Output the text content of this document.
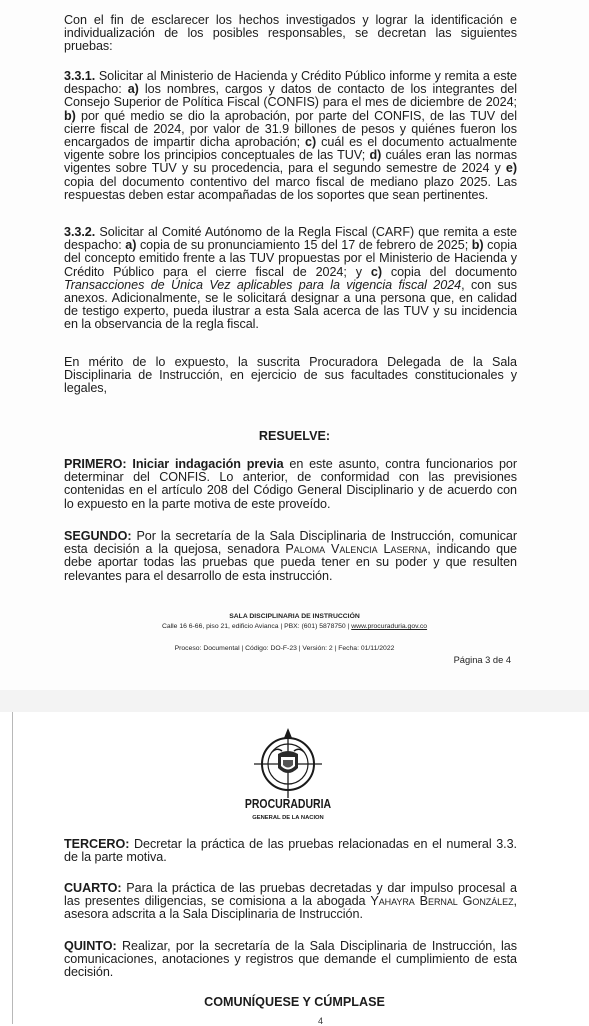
Con el fin de esclarecer los hechos investigados y lograr la identificación e individualización de los posibles responsables, se decretan las siguientes pruebas:

3.3.1. Solicitar al Ministerio de Hacienda y Crédito Público informe y remita a este despacho: a) los nombres, cargos y datos de contacto de los integrantes del Consejo Superior de Política Fiscal (CONFIS) para el mes de diciembre de 2024; b) por qué medio se dio la aprobación, por parte del CONFIS, de las TUV del cierre fiscal de 2024, por valor de 31.9 billones de pesos y quiénes fueron los encargados de impartir dicha aprobación; c) cuál es el documento actualmente vigente sobre los principios conceptuales de las TUV; d) cuáles eran las normas vigentes sobre TUV y su procedencia, para el segundo semestre de 2024 y e) copia del documento contentivo del marco fiscal de mediano plazo 2025. Las respuestas deben estar acompañadas de los soportes que sean pertinentes.

3.3.2. Solicitar al Comité Autónomo de la Regla Fiscal (CARF) que remita a este despacho: a) copia de su pronunciamiento 15 del 17 de febrero de 2025; b) copia del concepto emitido frente a las TUV propuestas por el Ministerio de Hacienda y Crédito Público para el cierre fiscal de 2024; y c) copia del documento Transacciones de Única Vez aplicables para la vigencia fiscal 2024, con sus anexos. Adicionalmente, se le solicitará designar a una persona que, en calidad de testigo experto, pueda ilustrar a esta Sala acerca de las TUV y su incidencia en la observancia de la regla fiscal.

En mérito de lo expuesto, la suscrita Procuradora Delegada de la Sala Disciplinaria de Instrucción, en ejercicio de sus facultades constitucionales y legales,

RESUELVE:

PRIMERO: Iniciar indagación previa en este asunto, contra funcionarios por determinar del CONFIS. Lo anterior, de conformidad con las previsiones contenidas en el artículo 208 del Código General Disciplinario y de acuerdo con lo expuesto en la parte motiva de este proveído.

SEGUNDO: Por la secretaría de la Sala Disciplinaria de Instrucción, comunicar esta decisión a la quejosa, senadora Paloma Valencia Laserna, indicando que debe aportar todas las pruebas que pueda tener en su poder y que resulten relevantes para el desarrollo de esta instrucción.

SALA DISCIPLINARIA DE INSTRUCCIÓN
Calle 16 6-66, piso 21, edificio Avianca | PBX: (601) 5878750 | www.procuraduria.gov.co
Proceso: Documental | Código: DO-F-23 | Versión: 2 | Fecha: 01/11/2022
Página 3 de 4
PROCURADURIA
GENERAL DE LA NACION

TERCERO: Decretar la práctica de las pruebas relacionadas en el numeral 3.3. de la parte motiva.

CUARTO: Para la práctica de las pruebas decretadas y dar impulso procesal a las presentes diligencias, se comisiona a la abogada Yahayra Bernal González, asesora adscrita a la Sala Disciplinaria de Instrucción.

QUINTO: Realizar, por la secretaría de la Sala Disciplinaria de Instrucción, las comunicaciones, anotaciones y registros que demande el cumplimiento de esta decisión.

COMUNÍQUESE Y CÚMPLASE
4
